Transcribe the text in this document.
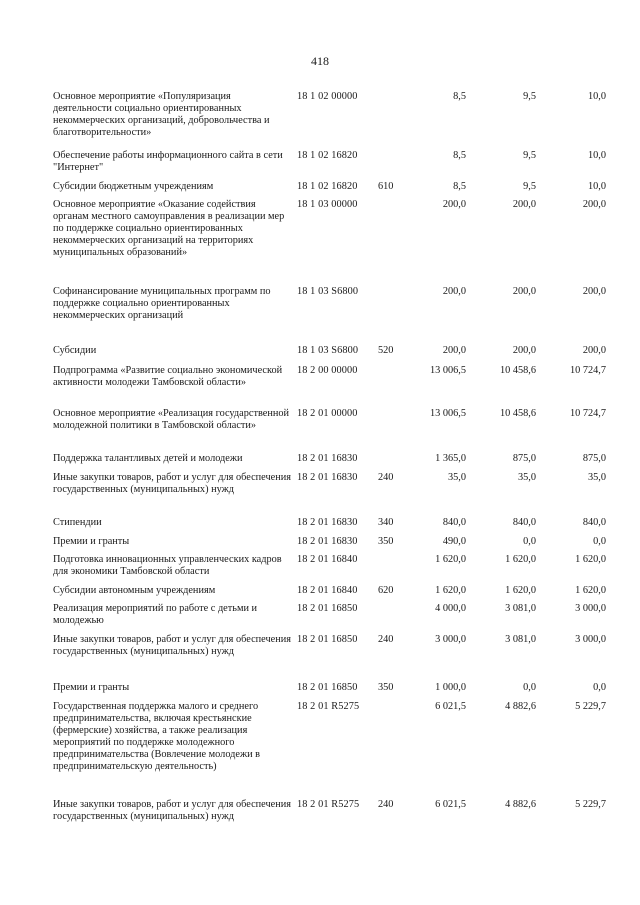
418
Основное мероприятие «Популяризация деятельности социально ориентированных некоммерческих организаций, добровольчества и благотворительности»
18 1 02 00000	8,5	9,5	10,0
Обеспечение работы информационного сайта в сети "Интернет"
18 1 02 16820	8,5	9,5	10,0
Субсидии бюджетным учреждениям	18 1 02 16820	610	8,5	9,5	10,0
Основное мероприятие «Оказание содействия органам местного самоуправления в реализации мер по поддержке социально ориентированных некоммерческих организаций на территориях муниципальных образований»
18 1 03 00000	200,0	200,0	200,0
Софинансирование муниципальных программ по поддержке социально ориентированных некоммерческих организаций
18 1 03 S6800	200,0	200,0	200,0
Субсидии	18 1 03 S6800	520	200,0	200,0	200,0
Подпрограмма «Развитие социально экономической активности молодежи Тамбовской области»
18 2 00 00000	13 006,5	10 458,6	10 724,7
Основное мероприятие «Реализация государственной молодежной политики в Тамбовской области»
18 2 01 00000	13 006,5	10 458,6	10 724,7
Поддержка талантливых детей и молодежи	18 2 01 16830	1 365,0	875,0	875,0
Иные закупки товаров, работ и услуг для обеспечения государственных (муниципальных) нужд
18 2 01 16830	240	35,0	35,0	35,0
Стипендии	18 2 01 16830	340	840,0	840,0	840,0
Премии и гранты	18 2 01 16830	350	490,0	0,0	0,0
Подготовка инновационных управленческих кадров для экономики Тамбовской области
18 2 01 16840	1 620,0	1 620,0	1 620,0
Субсидии автономным учреждениям	18 2 01 16840	620	1 620,0	1 620,0	1 620,0
Реализация мероприятий по работе с детьми и молодежью
18 2 01 16850	4 000,0	3 081,0	3 000,0
Иные закупки товаров, работ и услуг для обеспечения государственных (муниципальных) нужд
18 2 01 16850	240	3 000,0	3 081,0	3 000,0
Премии и гранты	18 2 01 16850	350	1 000,0	0,0	0,0
Государственная поддержка малого и среднего предпринимательства, включая крестьянские (фермерские) хозяйства, а также реализация мероприятий по поддержке молодежного предпринимательства (Вовлечение молодежи в предпринимательскую деятельность)
18 2 01 R5275	6 021,5	4 882,6	5 229,7
Иные закупки товаров, работ и услуг для обеспечения государственных (муниципальных) нужд
18 2 01 R5275	240	6 021,5	4 882,6	5 229,7
